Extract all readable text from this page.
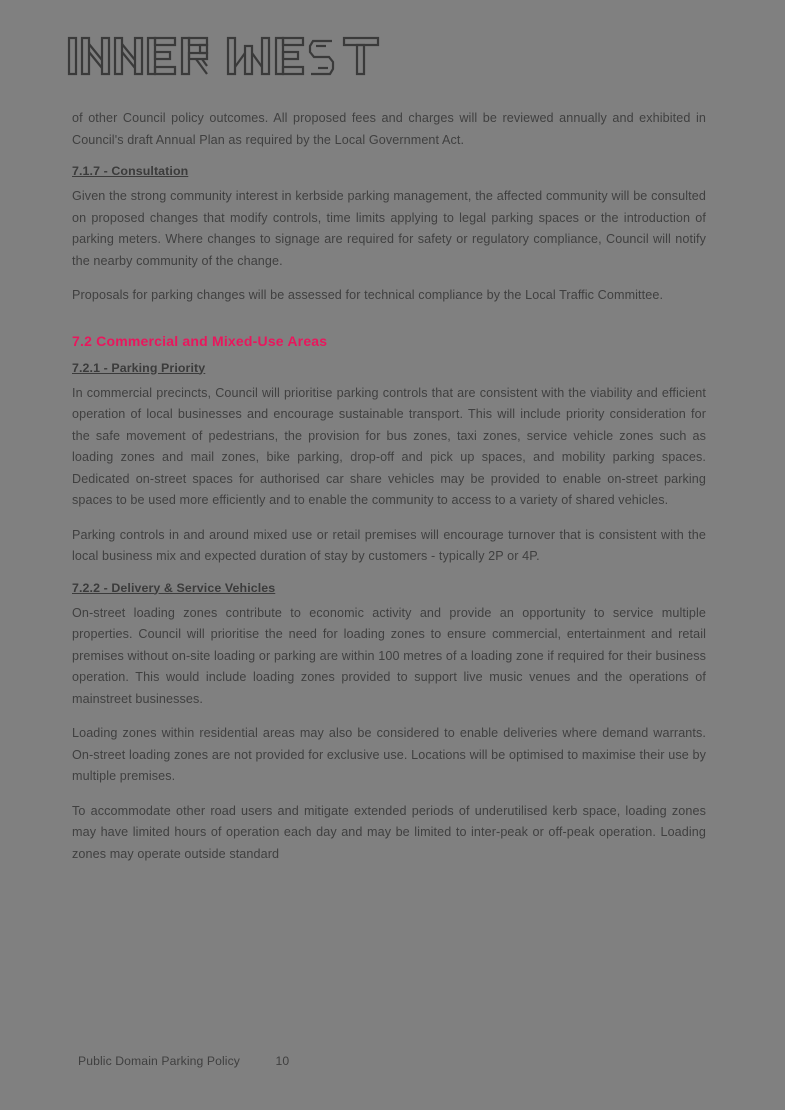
of other Council policy outcomes. All proposed fees and charges will be reviewed annually and exhibited in Council's draft Annual Plan as required by the Local Government Act.

7.1.7 - Consultation

Given the strong community interest in kerbside parking management, the affected community will be consulted on proposed changes that modify controls, time limits applying to legal parking spaces or the introduction of parking meters. Where changes to signage are required for safety or regulatory compliance, Council will notify the nearby community of the change.

Proposals for parking changes will be assessed for technical compliance by the Local Traffic Committee.

7.2 Commercial and Mixed-Use Areas
7.2.1 - Parking Priority

In commercial precincts, Council will prioritise parking controls that are consistent with the viability and efficient operation of local businesses and encourage sustainable transport. This will include priority consideration for the safe movement of pedestrians, the provision for bus zones, taxi zones, service vehicle zones such as loading zones and mail zones, bike parking, drop-off and pick up spaces, and mobility parking spaces. Dedicated on-street spaces for authorised car share vehicles may be provided to enable on-street parking spaces to be used more efficiently and to enable the community to access to a variety of shared vehicles.

Parking controls in and around mixed use or retail premises will encourage turnover that is consistent with the local business mix and expected duration of stay by customers - typically 2P or 4P.

7.2.2 - Delivery & Service Vehicles

On-street loading zones contribute to economic activity and provide an opportunity to service multiple properties. Council will prioritise the need for loading zones to ensure commercial, entertainment and retail premises without on-site loading or parking are within 100 metres of a loading zone if required for their business operation. This would include loading zones provided to support live music venues and the operations of mainstreet businesses.

Loading zones within residential areas may also be considered to enable deliveries where demand warrants. On-street loading zones are not provided for exclusive use. Locations will be optimised to maximise their use by multiple premises.

To accommodate other road users and mitigate extended periods of underutilised kerb space, loading zones may have limited hours of operation each day and may be limited to inter-peak or off-peak operation. Loading zones may operate outside standard

Public Domain Parking Policy	10
